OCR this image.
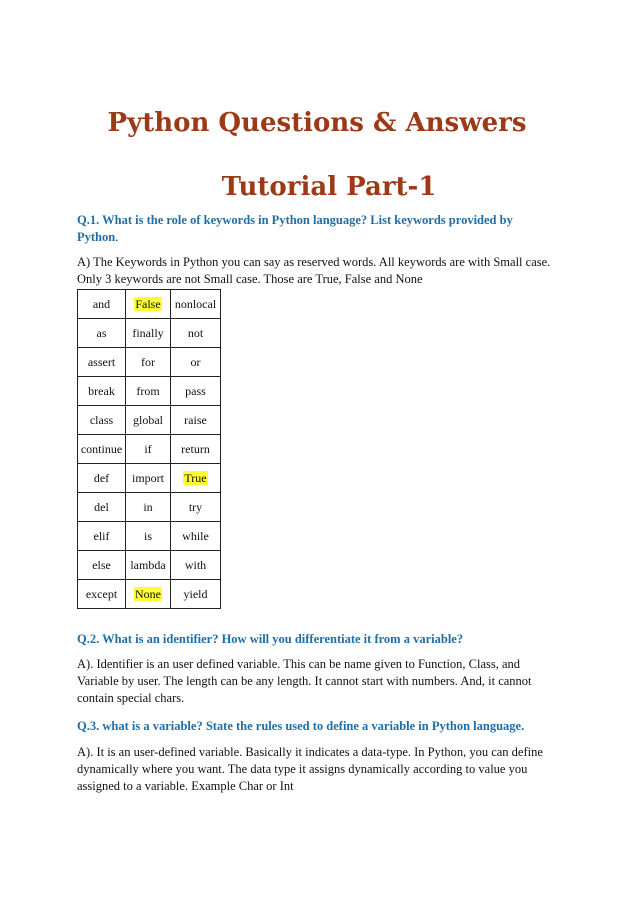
Python Questions & Answers
Tutorial Part-1

Q.1. What is the role of keywords in Python language? List keywords provided by Python.

A) The Keywords in Python you can say as reserved words. All keywords are with Small case. Only 3 keywords are not Small case. Those are True, False and None

and	False	nonlocal
as	finally	not
assert	for	or
break	from	pass
class	global	raise
continue	if	return
def	import	True
del	in	try
elif	is	while
else	lambda	with
except	None	yield

Q.2. What is an identifier? How will you differentiate it from a variable?

A). Identifier is an user defined variable. This can be name given to Function, Class, and Variable by user. The length can be any length. It cannot start with numbers. And, it cannot contain special chars.

Q.3. what is a variable? State the rules used to define a variable in Python language.

A). It is an user-defined variable. Basically it indicates a data-type. In Python, you can define dynamically where you want. The data type it assigns dynamically according to value you assigned to a variable. Example Char or Int
